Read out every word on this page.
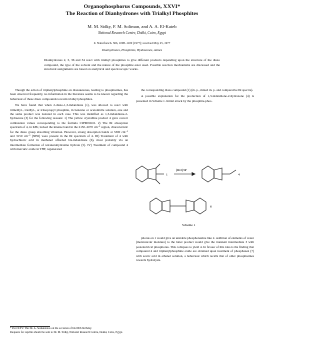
Organophosphorus Compounds, XXVI*
The Reaction of Dianhydrones with Trialkyl Phosphites
M. M. Sidky, F. M. Soliman, and A. A. El-Kateb
National Research Centre, Dokki, Cairo, Egypt
Z. Naturforsch. 36b, 1098–1100 (1977); received May 25, 1977
Dianhydrones, Phosphites, Hydrazones, Azines
Dianhydrones 2, 3, 36 and 34 react with trialkyl phosphites to give different products depending upon the structure of the diazo compound, the type of the solvent and the nature of the phosphite ester used. Possible reaction mechanisms are discussed and the structural assignments are based on analytical and spectroscopic works.

Though the action of triphenylphosphine on diazoketones, leading to phosphazines, has been observed frequently, no information in the literature seems to be known regarding the behaviour of these diazo compounds towards trialkyl phosphites.

We have found that when 2-diazo-1,3-indandione (1), was allowed to react with trimethyl-, triethyl-, or triisopropyl phosphite, in benzene or acetonitrile solution, one and the same product was isolated in each case. This was identified as 1,3-indandione-2-hydrazone (3) for the following reasons: 1) The yellow crystalline product 4 gave correct combustion values corresponding to the formula C9H6N2O2. 2) The IR absorption spectrum of 4, in KBr, lacked the intense band in the 2150–2070 cm⁻¹ region, characteristic for the diazo group absorbing vibration. However, strong absorption bands at 3300 cm⁻¹ and 3150 cm⁻¹ (NH2) were present in the IR spectrum of 4. III) Treatment of 4 with hydrochloric acid in methanol afforded bis-indandione (6), most probably via an intermediate formation of tetraketohydrazine hydrate (5). IV) Treatment of compound 4 with mercuric oxide in THF, regenerated

the corresponding diazo compound (1) (m. p., mixed m. p. and comparative IR spectra).

A possible explanation for the production of 1,3-indandione-2-hydrazone (4) is presented in Scheme 1. Initial attack by the phosphite-phos-

1
(RO)3P
4
6
Scheme 1

phorus on 1 would give an unstable phosphonazine like 2. Addition of elements of water (moisture/air moisture) to the latter product would give the transient intermediate 3 with postelectrical phosphorus. This collapses to yield 4. In favour of this idea is the finding that compound 4 and triphenylphosphine oxide are obtained upon treatment of phosphazen (7) with acetic acid in ethanol solution, a behaviour which recalls that of other phosphazines towards hydrolysis.

* Part XXV: The Dr. A. Soukiezatos on the occasion of his 60th birthday.

Requests for reprints should be sent to Dr. M. Sidky, National Research Centre, Dokki, Cairo, Egypt.
